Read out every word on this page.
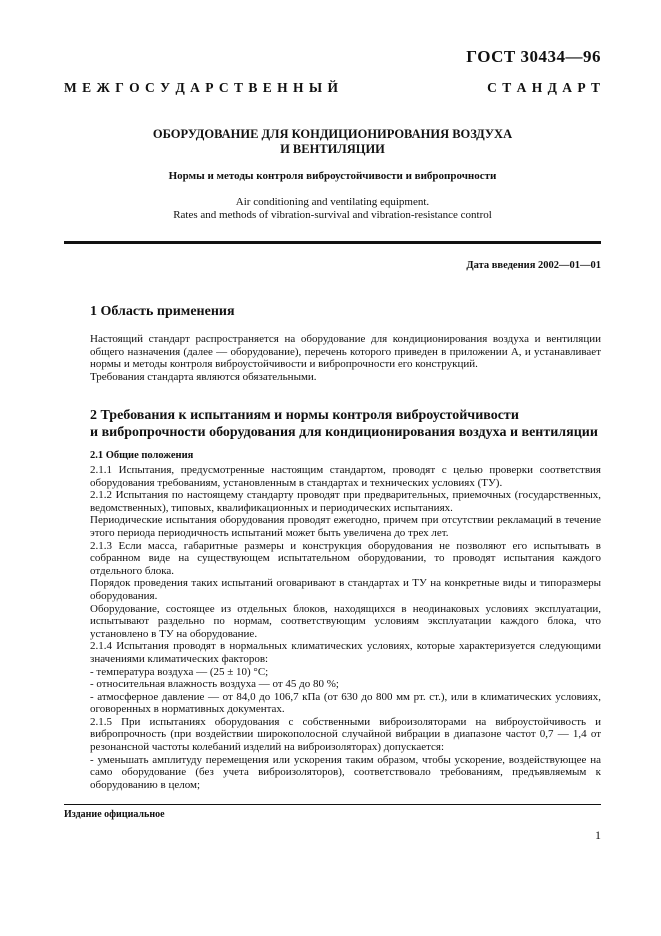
ГОСТ 30434—96
М Е Ж Г О С У Д А Р С Т В Е Н Н Ы Й	С Т А Н Д А Р Т
ОБОРУДОВАНИЕ ДЛЯ КОНДИЦИОНИРОВАНИЯ ВОЗДУХА
И ВЕНТИЛЯЦИИ
Нормы и методы контроля виброустойчивости и вибропрочности
Air conditioning and ventilating equipment.
Rates and methods of vibration-survival and vibration-resistance control
Дата введения 2002—01—01
1 Область применения

Настоящий стандарт распространяется на оборудование для кондиционирования воздуха и вентиляции общего назначения (далее — оборудование), перечень которого приведен в приложении А, и устанавливает нормы и методы контроля виброустойчивости и вибропрочности его конструкций.

Требования стандарта являются обязательными.

2 Требования к испытаниям и нормы контроля виброустойчивости
и вибропрочности оборудования для кондиционирования воздуха и вентиляции
2.1 Общие положения

2.1.1 Испытания, предусмотренные настоящим стандартом, проводят с целью проверки соответствия оборудования требованиям, установленным в стандартах и технических условиях (ТУ).

2.1.2 Испытания по настоящему стандарту проводят при предварительных, приемочных (государственных, ведомственных), типовых, квалификационных и периодических испытаниях.

Периодические испытания оборудования проводят ежегодно, причем при отсутствии рекламаций в течение этого периода периодичность испытаний может быть увеличена до трех лет.

2.1.3 Если масса, габаритные размеры и конструкция оборудования не позволяют его испытывать в собранном виде на существующем испытательном оборудовании, то проводят испытания каждого отдельного блока.

Порядок проведения таких испытаний оговаривают в стандартах и ТУ на конкретные виды и типоразмеры оборудования.

Оборудование, состоящее из отдельных блоков, находящихся в неодинаковых условиях эксплуатации, испытывают раздельно по нормам, соответствующим условиям эксплуатации каждого блока, что установлено в ТУ на оборудование.

2.1.4 Испытания проводят в нормальных климатических условиях, которые характеризуется следующими значениями климатических факторов:

- температура воздуха — (25 ± 10) °С;

- относительная влажность воздуха — от 45 до 80 %;

- атмосферное давление — от 84,0 до 106,7 кПа (от 630 до 800 мм рт. ст.), или в климатических условиях, оговоренных в нормативных документах.

2.1.5 При испытаниях оборудования с собственными виброизоляторами на виброустойчивость и вибропрочность (при воздействии широкополосной случайной вибрации в диапазоне частот 0,7 — 1,4 от резонансной частоты колебаний изделий на виброизоляторах) допускается:

- уменьшать амплитуду перемещения или ускорения таким образом, чтобы ускорение, воздействующее на само оборудование (без учета виброизоляторов), соответствовало требованиям, предъявляемым к оборудованию в целом;

Издание официальное
1
